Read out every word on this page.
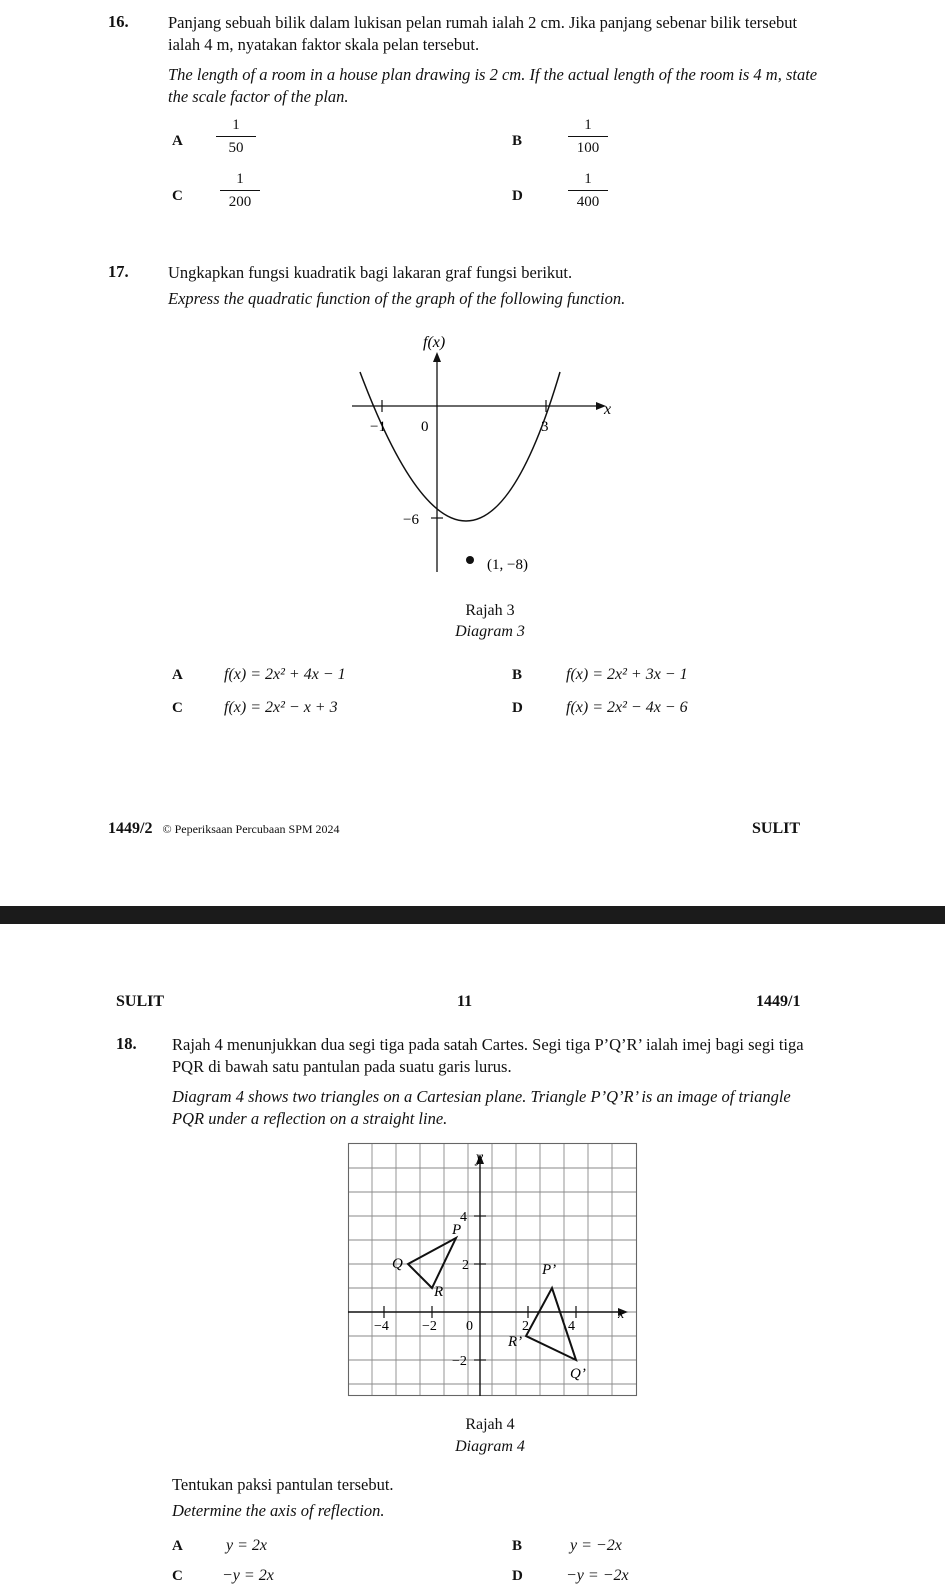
16. Panjang sebuah bilik dalam lukisan pelan rumah ialah 2 cm. Jika panjang sebenar bilik tersebut ialah 4 m, nyatakan faktor skala pelan tersebut.
The length of a room in a house plan drawing is 2 cm. If the actual length of the room is 4 m, state the scale factor of the plan.
A
1
50	B
1
100
C
1
200	D
1
400
17. Ungkapkan fungsi kuadratik bagi lakaran graf fungsi berikut.
Express the quadratic function of the graph of the following function.
f(x)
x
−1 0	3
−6
(1, −8)
Rajah 3
Diagram 3
A	f(x) = 2x² + 4x − 1	B	f(x) = 2x² + 3x − 1
C	f(x) = 2x² − x + 3	D	f(x) = 2x² − 4x − 6
1449/2 © Peperiksaan Percubaan SPM 2024	SULIT
SULIT	11	1449/1
18. Rajah 4 menunjukkan dua segi tiga pada satah Cartes. Segi tiga P’Q’R’ ialah imej bagi segi tiga PQR di bawah satu pantulan pada suatu garis lurus.
Diagram 4 shows two triangles on a Cartesian plane. Triangle P’Q’R’ is an image of triangle PQR under a reflection on a straight line.
y
x
4
2
−2
−4 −2 0	2	4
P
Q
R
P’
Q’
R’
Rajah 4
Diagram 4
Tentukan paksi pantulan tersebut.
Determine the axis of reflection.
A	y = 2x	B	y = −2x
C −y = 2x	D	−y = −2x
